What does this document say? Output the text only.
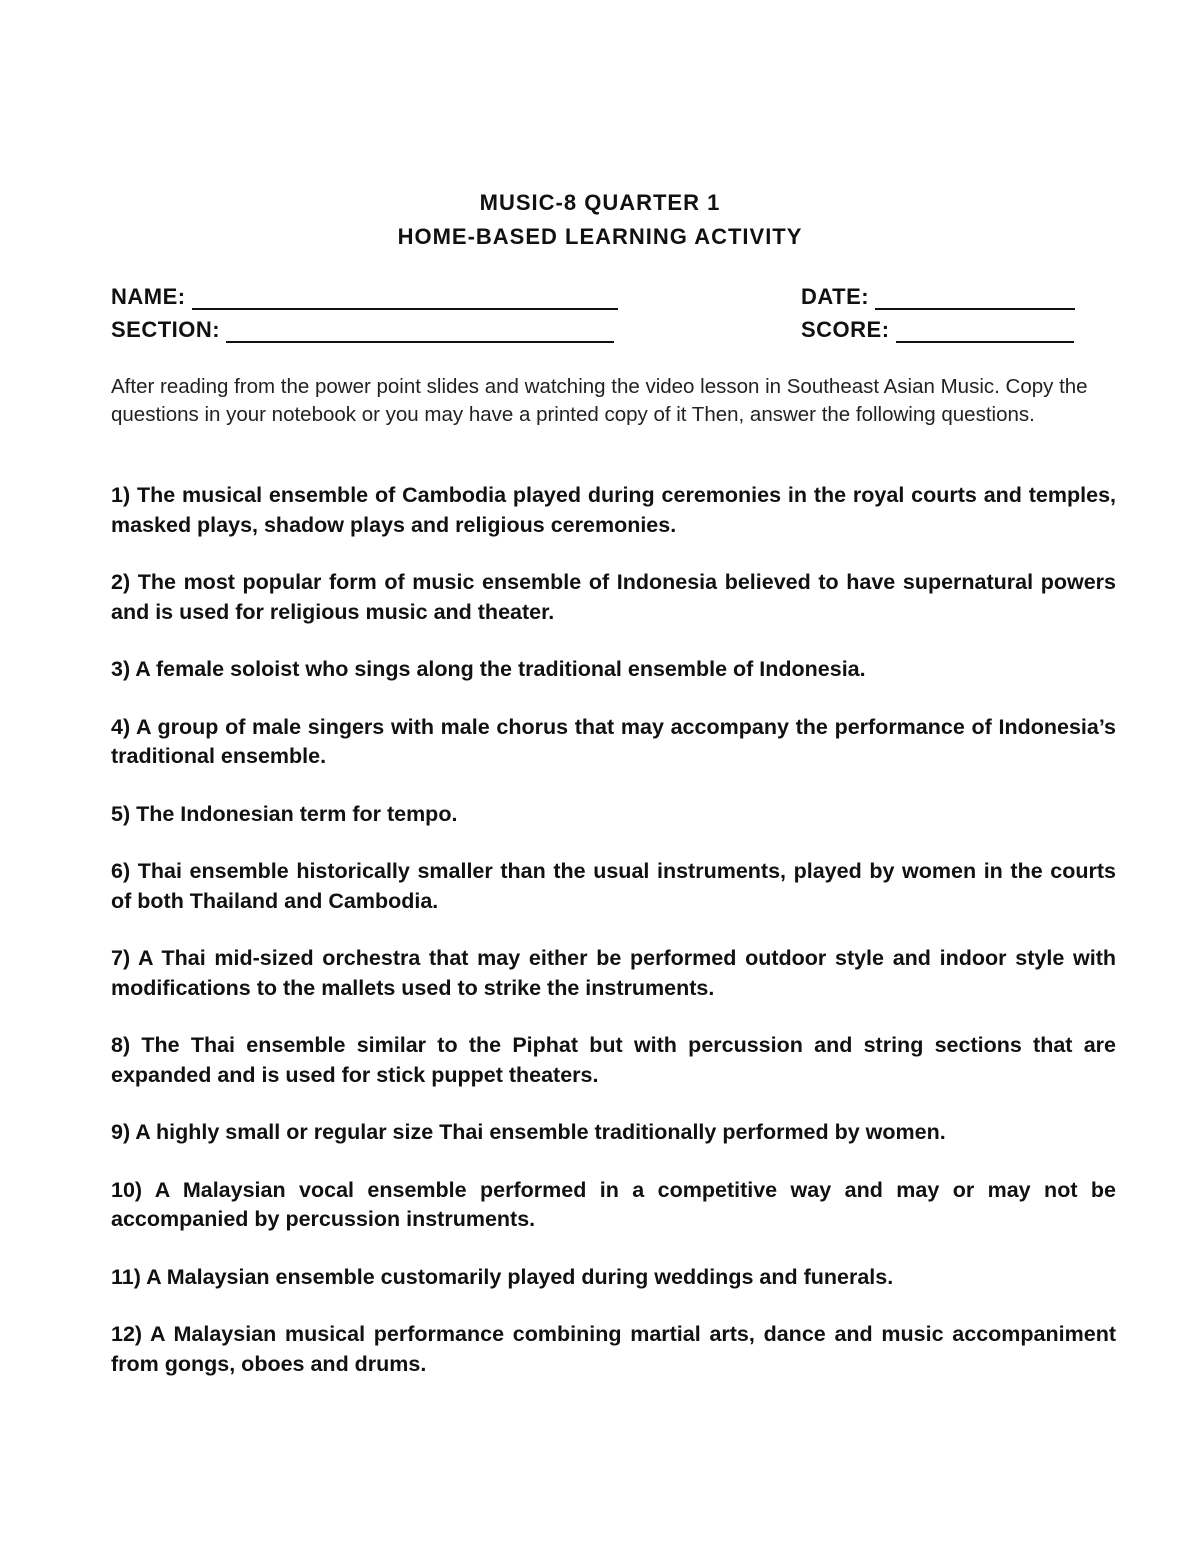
MUSIC-8 QUARTER 1
HOME-BASED LEARNING ACTIVITY
NAME:	DATE:
SECTION:	SCORE:
After reading from the power point slides and watching the video lesson in Southeast Asian Music. Copy the questions in your notebook or you may have a printed copy of it Then, answer the following questions.
1) The musical ensemble of Cambodia played during ceremonies in the royal courts and temples, masked plays, shadow plays and religious ceremonies.
2) The most popular form of music ensemble of Indonesia believed to have supernatural powers and is used for religious music and theater.
3) A female soloist who sings along the traditional ensemble of Indonesia.
4) A group of male singers with male chorus that may accompany the performance of Indonesia’s traditional ensemble.
5) The Indonesian term for tempo.
6) Thai ensemble historically smaller than the usual instruments, played by women in the courts of both Thailand and Cambodia.
7) A Thai mid-sized orchestra that may either be performed outdoor style and indoor style with modifications to the mallets used to strike the instruments.
8) The Thai ensemble similar to the Piphat but with percussion and string sections that are expanded and is used for stick puppet theaters.
9) A highly small or regular size Thai ensemble traditionally performed by women.
10) A Malaysian vocal ensemble performed in a competitive way and may or may not be accompanied by percussion instruments.
11) A Malaysian ensemble customarily played during weddings and funerals.
12) A Malaysian musical performance combining martial arts, dance and music accompaniment from gongs, oboes and drums.
